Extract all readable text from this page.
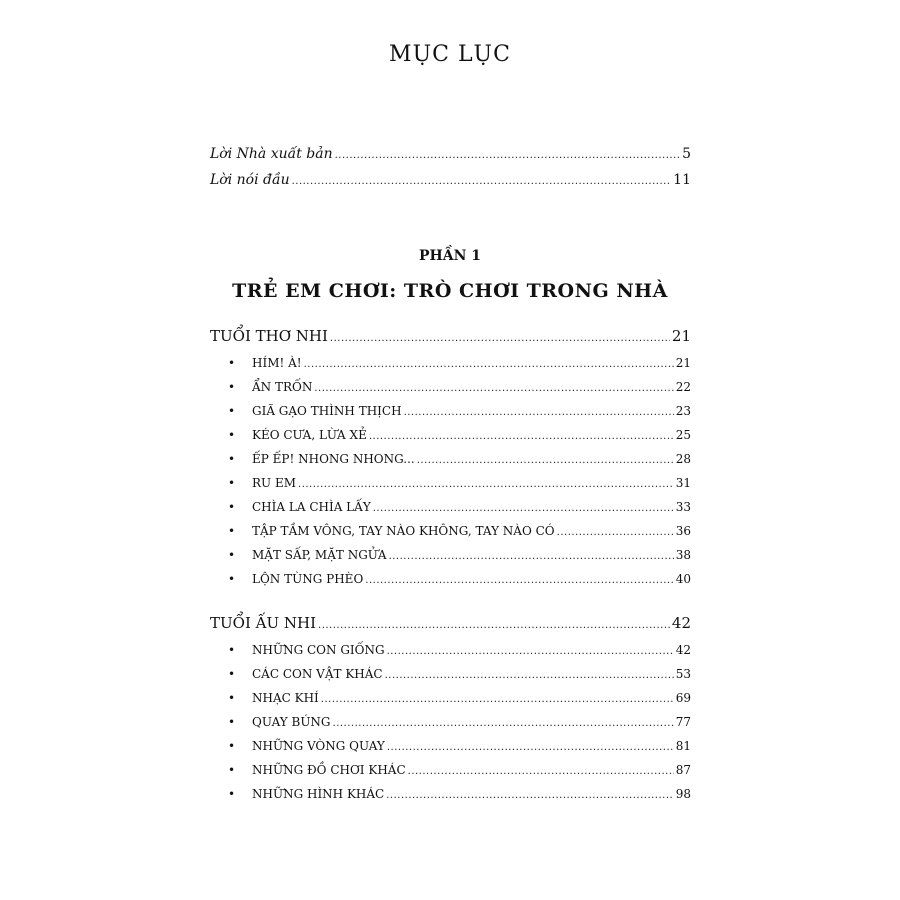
MỤC LỤC
Lời Nhà xuất bản .....	5
Lời nói đầu .....	11
PHẦN 1
TRẺ EM CHƠI: TRÒ CHƠI TRONG NHÀ
TUỔI THƠ NHI .....	21
•	HÍM! À! .....	21
•	ẨN TRỐN .....	22
•	GIÃ GẠO THÌNH THỊCH .....	23
•	KÉO CƯA, LỪA XẺ .....	25
•	ẾP ẾP! NHONG NHONG... .....	28
•	RU EM .....	31
•	CHÌA LA CHÌA LẤY .....	33
•	TẬP TẦM VÔNG, TAY NÀO KHÔNG, TAY NÀO CÓ .....	36
•	MẶT SẤP, MẶT NGỬA .....	38
•	LỘN TÙNG PHÈO .....	40
TUỔI ẤU NHI .....	42
•	NHỮNG CON GIỐNG .....	42
•	CÁC CON VẬT KHÁC .....	53
•	NHẠC KHÍ .....	69
•	QUAY BÚNG .....	77
•	NHỮNG VÒNG QUAY .....	81
•	NHỮNG ĐỒ CHƠI KHÁC .....	87
•	NHỮNG HÌNH KHÁC .....	98
